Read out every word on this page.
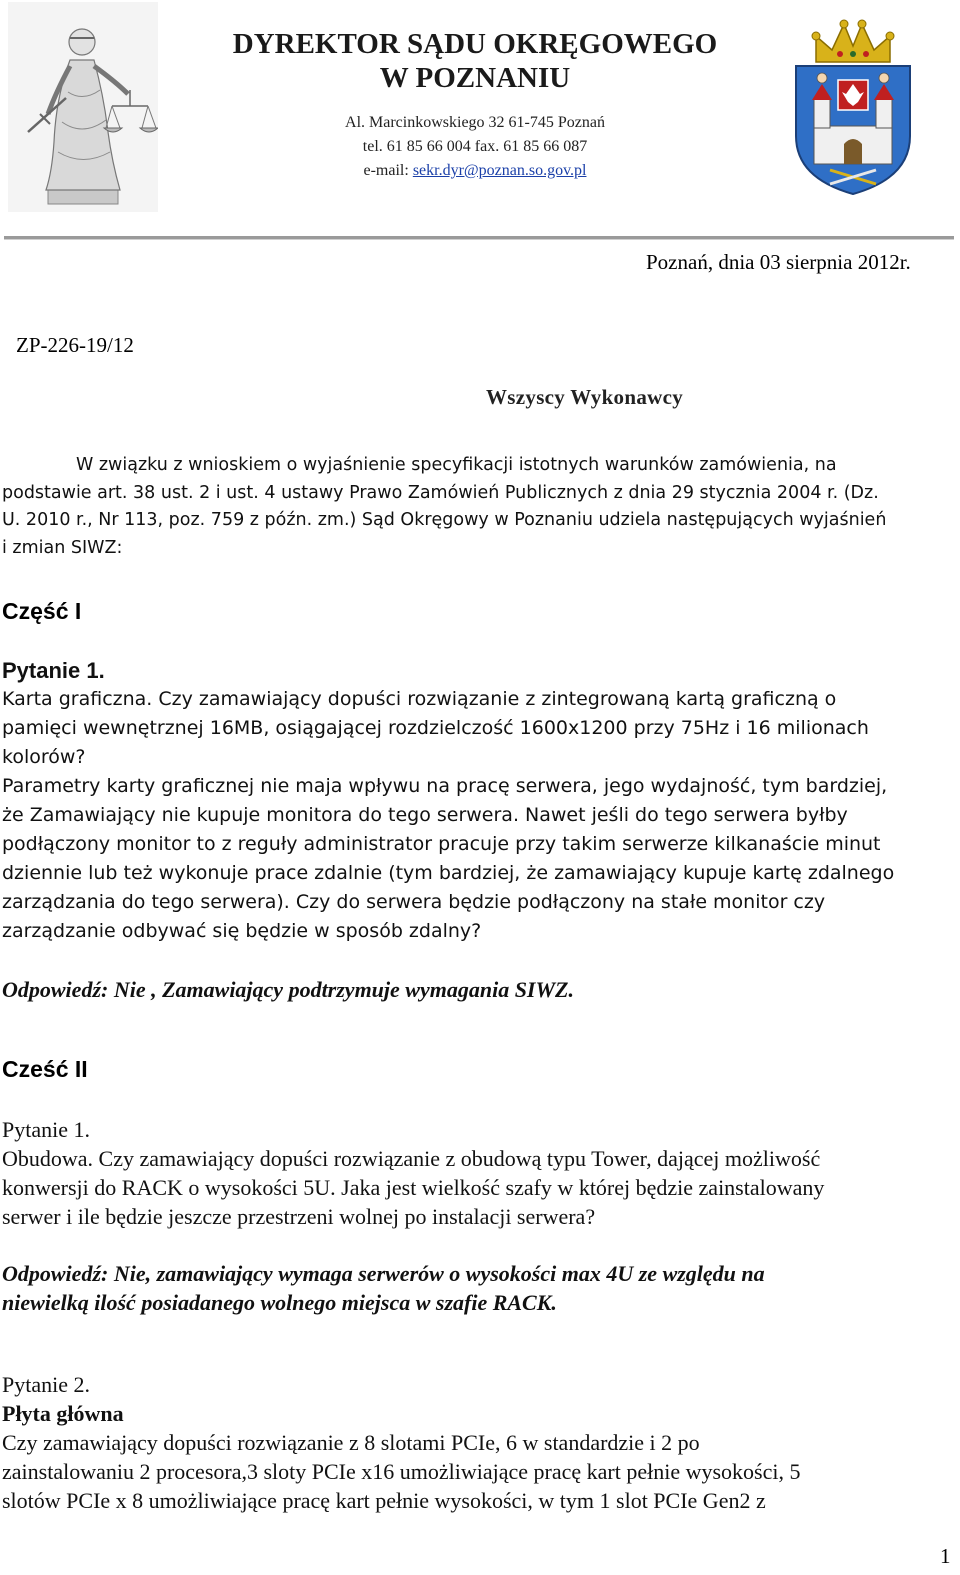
DYREKTOR SĄDU OKRĘGOWEGO
W POZNANIU
Al. Marcinkowskiego 32 61-745 Poznań
tel. 61 85 66 004 fax. 61 85 66 087
e-mail: sekr.dyr@poznan.so.gov.pl
Poznań, dnia 03 sierpnia 2012r.
ZP-226-19/12
Wszyscy Wykonawcy

W związku z wnioskiem o wyjaśnienie specyfikacji istotnych warunków zamówienia, na

podstawie art. 38 ust. 2 i ust. 4 ustawy Prawo Zamówień Publicznych z dnia 29 stycznia 2004 r. (Dz.

U. 2010 r., Nr 113, poz. 759 z późn. zm.) Sąd Okręgowy w Poznaniu udziela następujących wyjaśnień

i zmian SIWZ:

Część I

Pytanie 1.

Karta graficzna. Czy zamawiający dopuści rozwiązanie z zintegrowaną kartą graficzną o

pamięci wewnętrznej 16MB, osiągającej rozdzielczość 1600x1200 przy 75Hz i 16 milionach

kolorów?

Parametry karty graficznej nie maja wpływu na pracę serwera, jego wydajność, tym bardziej,

że Zamawiający nie kupuje monitora do tego serwera. Nawet jeśli do tego serwera byłby

podłączony monitor to z reguły administrator pracuje przy takim serwerze kilkanaście minut

dziennie lub też wykonuje prace zdalnie (tym bardziej, że zamawiający kupuje kartę zdalnego

zarządzania do tego serwera). Czy do serwera będzie podłączony na stałe monitor czy

zarządzanie odbywać się będzie w sposób zdalny?

Odpowiedź: Nie , Zamawiający podtrzymuje wymagania SIWZ.

Cześć II

Pytanie 1.

Obudowa. Czy zamawiający dopuści rozwiązanie z obudową typu Tower, dającej możliwość

konwersji do RACK o wysokości 5U. Jaka jest wielkość szafy w której będzie zainstalowany

serwer i ile będzie jeszcze przestrzeni wolnej po instalacji serwera?

Odpowiedź: Nie, zamawiający wymaga serwerów o wysokości max 4U ze względu na

niewielką ilość posiadanego wolnego miejsca w szafie RACK.

Pytanie 2.

Płyta główna

Czy zamawiający dopuści rozwiązanie z 8 slotami PCIe, 6 w standardzie i 2 po

zainstalowaniu 2 procesora,3 sloty PCIe x16 umożliwiające pracę kart pełnie wysokości, 5

slotów PCIe x 8 umożliwiające pracę kart pełnie wysokości, w tym 1 slot PCIe Gen2 z

1
